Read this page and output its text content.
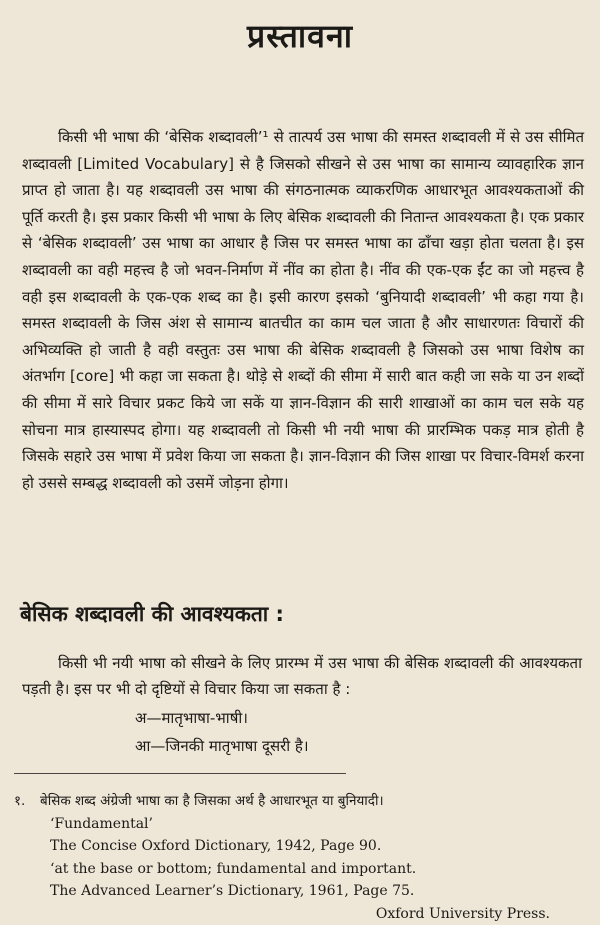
प्रस्तावना
किसी भी भाषा की ‘बेसिक शब्दावली’¹ से तात्पर्य उस भाषा की समस्त शब्दावली में से उस सीमित शब्दावली [Limited Vocabulary] से है जिसको सीखने से उस भाषा का सामान्य व्यावहारिक ज्ञान प्राप्त हो जाता है। यह शब्दावली उस भाषा की संगठनात्मक व्याकरणिक आधारभूत आवश्यकताओं की पूर्ति करती है। इस प्रकार किसी भी भाषा के लिए बेसिक शब्दावली की नितान्त आवश्यकता है। एक प्रकार से ‘बेसिक शब्दावली’ उस भाषा का आधार है जिस पर समस्त भाषा का ढाँचा खड़ा होता चलता है। इस शब्दावली का वही महत्त्व है जो भवन-निर्माण में नींव का होता है। नींव की एक-एक ईंट का जो महत्त्व है वही इस शब्दावली के एक-एक शब्द का है। इसी कारण इसको ‘बुनियादी शब्दावली’ भी कहा गया है। समस्त शब्दावली के जिस अंश से सामान्य बातचीत का काम चल जाता है और साधारणतः विचारों की अभिव्यक्ति हो जाती है वही वस्तुतः उस भाषा की बेसिक शब्दावली है जिसको उस भाषा विशेष का अंतर्भाग [core] भी कहा जा सकता है। थोड़े से शब्दों की सीमा में सारी बात कही जा सके या उन शब्दों की सीमा में सारे विचार प्रकट किये जा सकें या ज्ञान-विज्ञान की सारी शाखाओं का काम चल सके यह सोचना मात्र हास्यास्पद होगा। यह शब्दावली तो किसी भी नयी भाषा की प्रारम्भिक पकड़ मात्र होती है जिसके सहारे उस भाषा में प्रवेश किया जा सकता है। ज्ञान-विज्ञान की जिस शाखा पर विचार-विमर्श करना हो उससे सम्बद्ध शब्दावली को उसमें जोड़ना होगा।
बेसिक शब्दावली की आवश्यकता :
किसी भी नयी भाषा को सीखने के लिए प्रारम्भ में उस भाषा की बेसिक शब्दावली की आवश्यकता पड़ती है। इस पर भी दो दृष्टियों से विचार किया जा सकता है :
अ—मातृभाषा-भाषी।
आ—जिनकी मातृभाषा दूसरी है।
१. बेसिक शब्द अंग्रेजी भाषा का है जिसका अर्थ है आधारभूत या बुनियादी।
‘Fundamental’
The Concise Oxford Dictionary, 1942, Page 90.
‘at the base or bottom; fundamental and important.
The Advanced Learner’s Dictionary, 1961, Page 75.
Oxford University Press.
